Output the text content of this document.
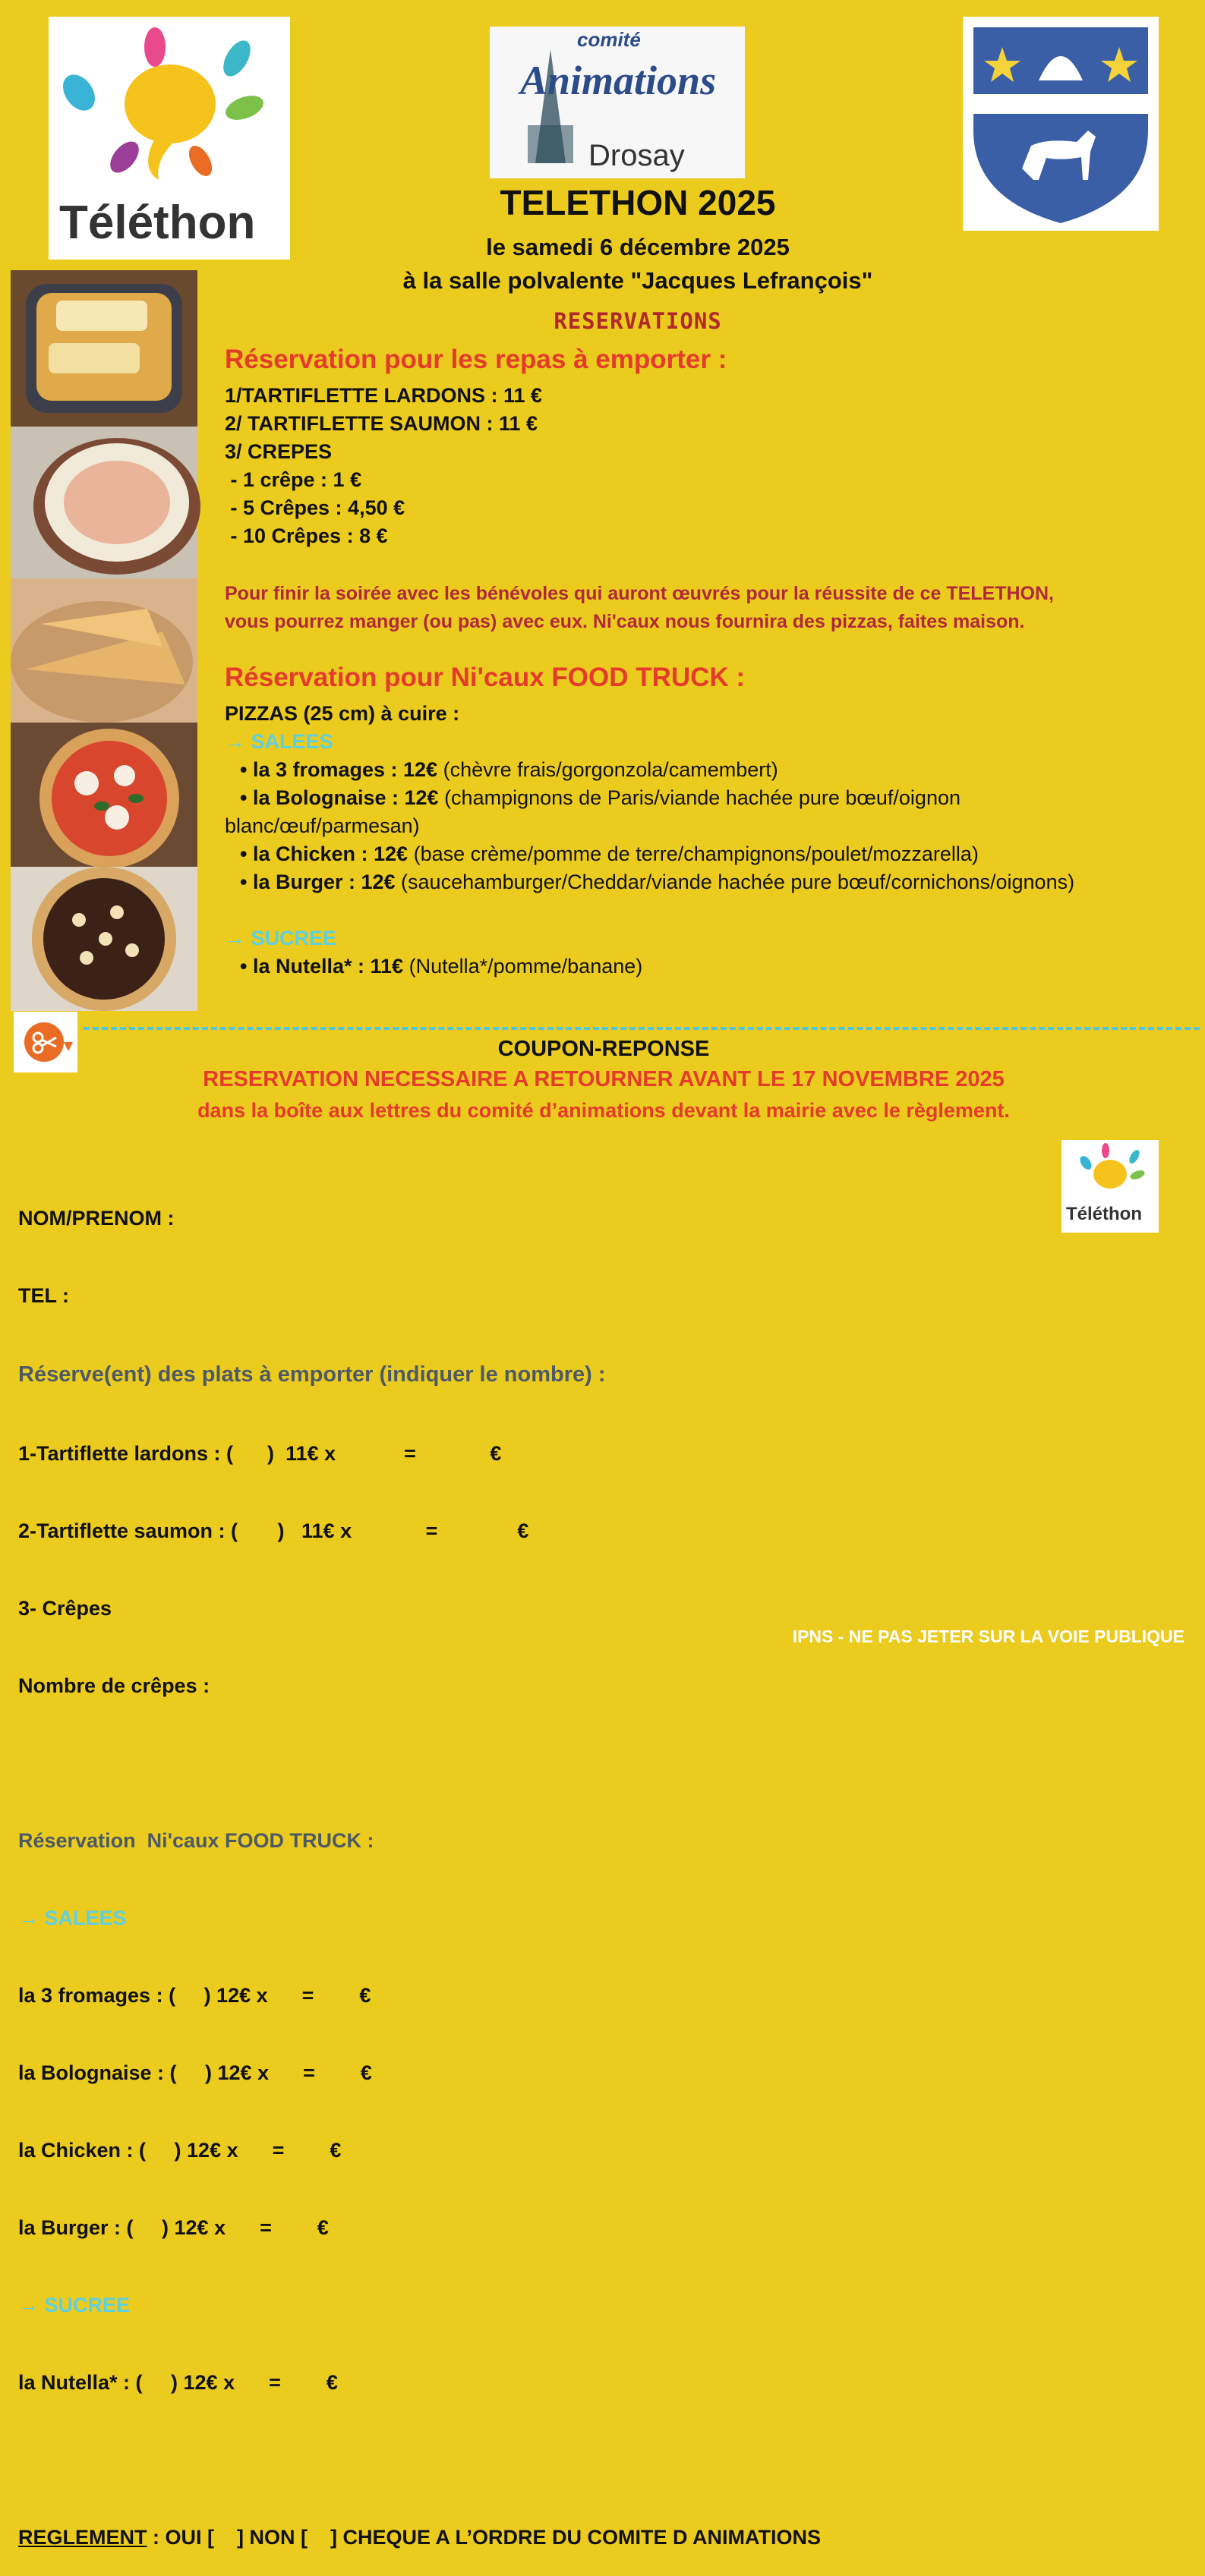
Téléthon
comité
Animations
Drosay
TELETHON 2025
le samedi 6 décembre 2025
à la salle polvalente "Jacques Lefrançois"
RESERVATIONS
Réservation pour les repas à emporter :
1/TARTIFLETTE LARDONS : 11 €
2/ TARTIFLETTE SAUMON : 11 €
3/ CREPES
- 1 crêpe : 1 €
- 5 Crêpes : 4,50 €
- 10 Crêpes : 8 €
Pour finir la soirée avec les bénévoles qui auront œuvrés pour la réussite de ce TELETHON,
vous pourrez manger (ou pas) avec eux. Ni'caux nous fournira des pizzas, faites maison.
Réservation pour Ni'caux FOOD TRUCK :
PIZZAS (25 cm) à cuire :
→ SALEES
• la 3 fromages : 12€ (chèvre frais/gorgonzola/camembert)
• la Bolognaise : 12€ (champignons de Paris/viande hachée pure bœuf/oignon
blanc/œuf/parmesan)
• la Chicken : 12€ (base crème/pomme de terre/champignons/poulet/mozzarella)
• la Burger : 12€ (saucehamburger/Cheddar/viande hachée pure bœuf/cornichons/oignons)
→ SUCREE
• la Nutella* : 11€ (Nutella*/pomme/banane)
COUPON-REPONSE
RESERVATION NECESSAIRE A RETOURNER AVANT LE 17 NOVEMBRE 2025
dans la boîte aux lettres du comité d’animations devant la mairie avec le règlement.
Téléthon

NOM/PRENOM :

TEL :

Réserve(ent) des plats à emporter (indiquer le nombre) :

1-Tartiflette lardons : (      )  11€ x            =             €

2-Tartiflette saumon : (       )   11€ x             =              €

3- Crêpes

Nombre de crêpes :

Réservation  Ni'caux FOOD TRUCK :

→ SALEES

la 3 fromages : (     ) 12€ x      =        €

la Bolognaise : (     ) 12€ x      =        €

la Chicken : (     ) 12€ x      =        €

la Burger : (     ) 12€ x      =        €

→ SUCREE

la Nutella* : (     ) 12€ x      =        €

REGLEMENT : OUI [    ] NON [    ] CHEQUE A L’ORDRE DU COMITE D ANIMATIONS

IPNS - NE PAS JETER SUR LA VOIE PUBLIQUE
